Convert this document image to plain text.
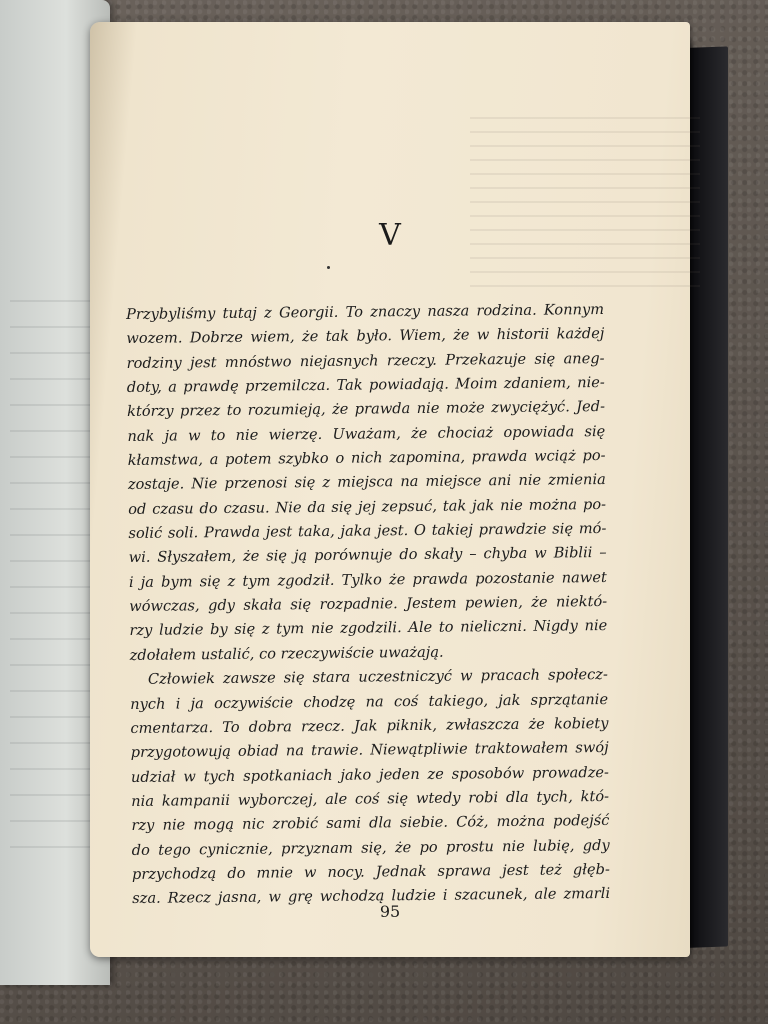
V
Przybyliśmy tutaj z Georgii. To znaczy nasza rodzina. Konnym
wozem. Dobrze wiem, że tak było. Wiem, że w historii każdej
rodziny jest mnóstwo niejasnych rzeczy. Przekazuje się aneg-
doty, a prawdę przemilcza. Tak powiadają. Moim zdaniem, nie-
którzy przez to rozumieją, że prawda nie może zwyciężyć. Jed-
nak ja w to nie wierzę. Uważam, że chociaż opowiada się
kłamstwa, a potem szybko o nich zapomina, prawda wciąż po-
zostaje. Nie przenosi się z miejsca na miejsce ani nie zmienia
od czasu do czasu. Nie da się jej zepsuć, tak jak nie można po-
solić soli. Prawda jest taka, jaka jest. O takiej prawdzie się mó-
wi. Słyszałem, że się ją porównuje do skały – chyba w Biblii –
i ja bym się z tym zgodził. Tylko że prawda pozostanie nawet
wówczas, gdy skała się rozpadnie. Jestem pewien, że niektó-
rzy ludzie by się z tym nie zgodzili. Ale to nieliczni. Nigdy nie
zdołałem ustalić, co rzeczywiście uważają.
Człowiek zawsze się stara uczestniczyć w pracach społecz-
nych i ja oczywiście chodzę na coś takiego, jak sprzątanie
cmentarza. To dobra rzecz. Jak piknik, zwłaszcza że kobiety
przygotowują obiad na trawie. Niewątpliwie traktowałem swój
udział w tych spotkaniach jako jeden ze sposobów prowadze-
nia kampanii wyborczej, ale coś się wtedy robi dla tych, któ-
rzy nie mogą nic zrobić sami dla siebie. Cóż, można podejść
do tego cynicznie, przyznam się, że po prostu nie lubię, gdy
przychodzą do mnie w nocy. Jednak sprawa jest też głęb-
sza. Rzecz jasna, w grę wchodzą ludzie i szacunek, ale zmarli
95
